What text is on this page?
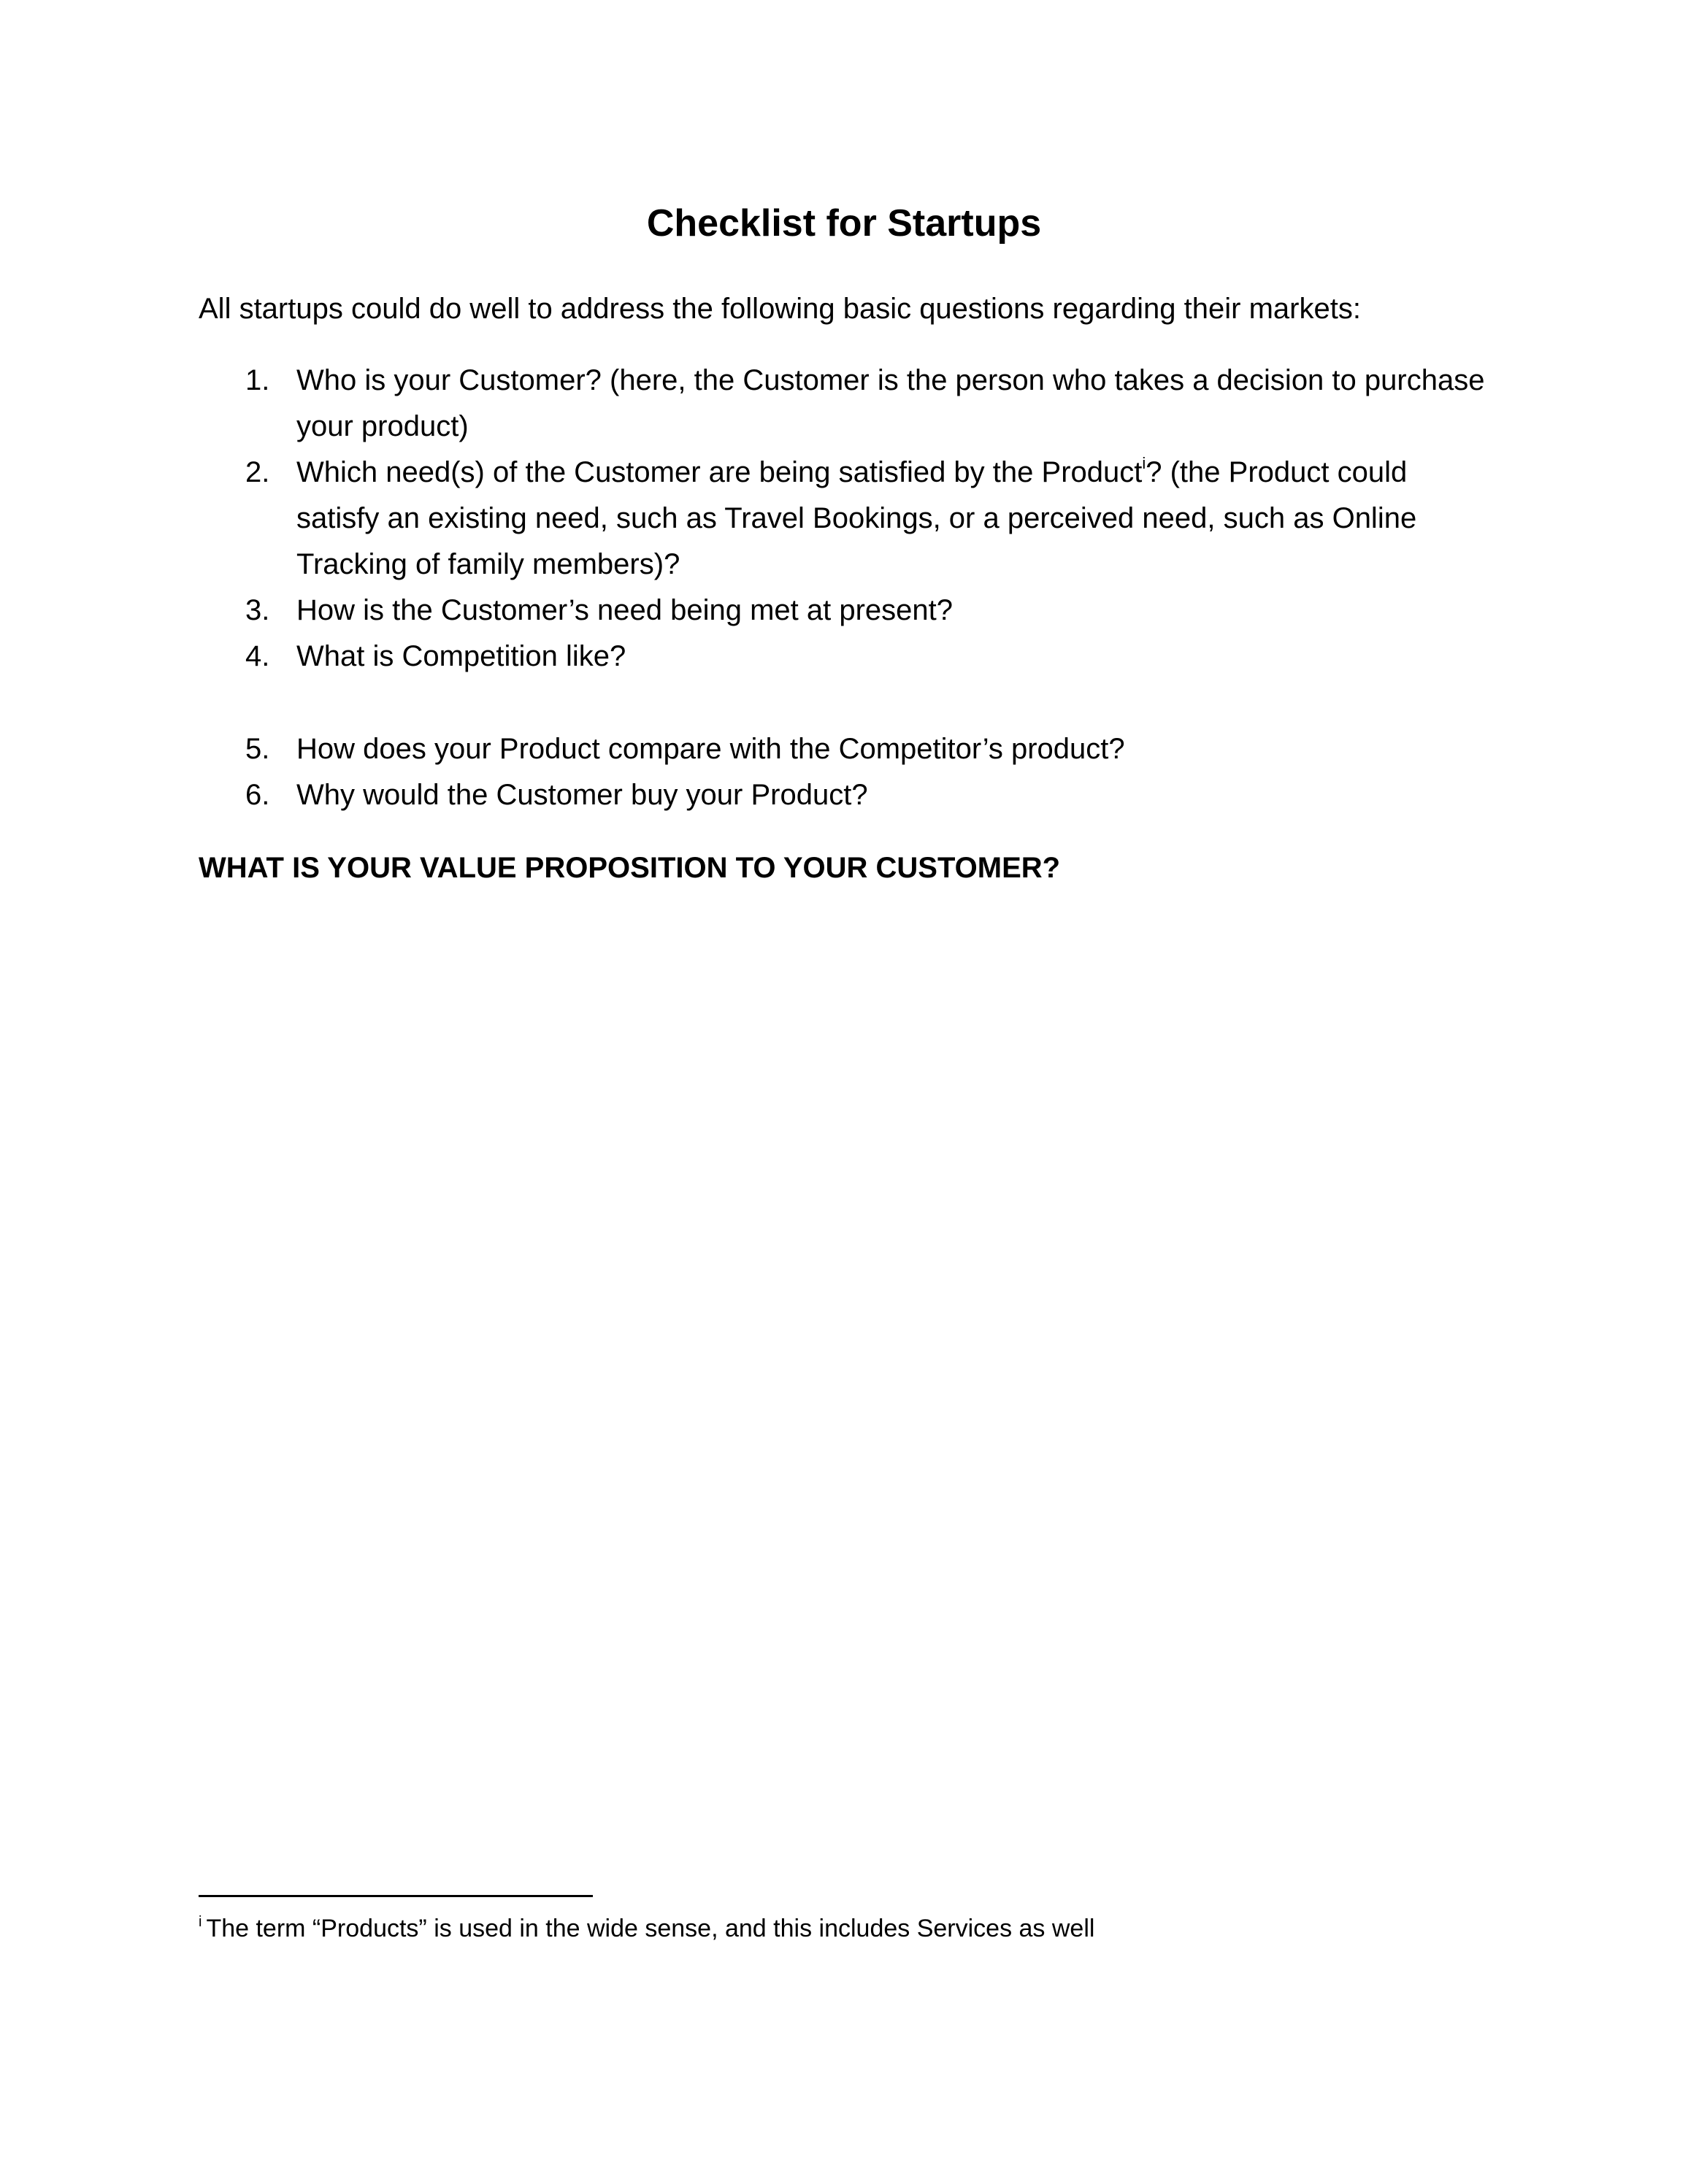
Checklist for Startups

All startups could do well to address the following basic questions regarding their markets:

1. Who is your Customer? (here, the Customer is the person who takes a decision to purchase your product)
2. Which need(s) of the Customer are being satisfied by the Product$^i$? (the Product could satisfy an existing need, such as Travel Bookings, or a perceived need, such as Online Tracking of family members)?
3. How is the Customer’s need being met at present?
4. What is Competition like?
5. How does your Product compare with the Competitor’s product?
6. Why would the Customer buy your Product?

WHAT IS YOUR VALUE PROPOSITION TO YOUR CUSTOMER?

$^i$ The term “Products” is used in the wide sense, and this includes Services as well
